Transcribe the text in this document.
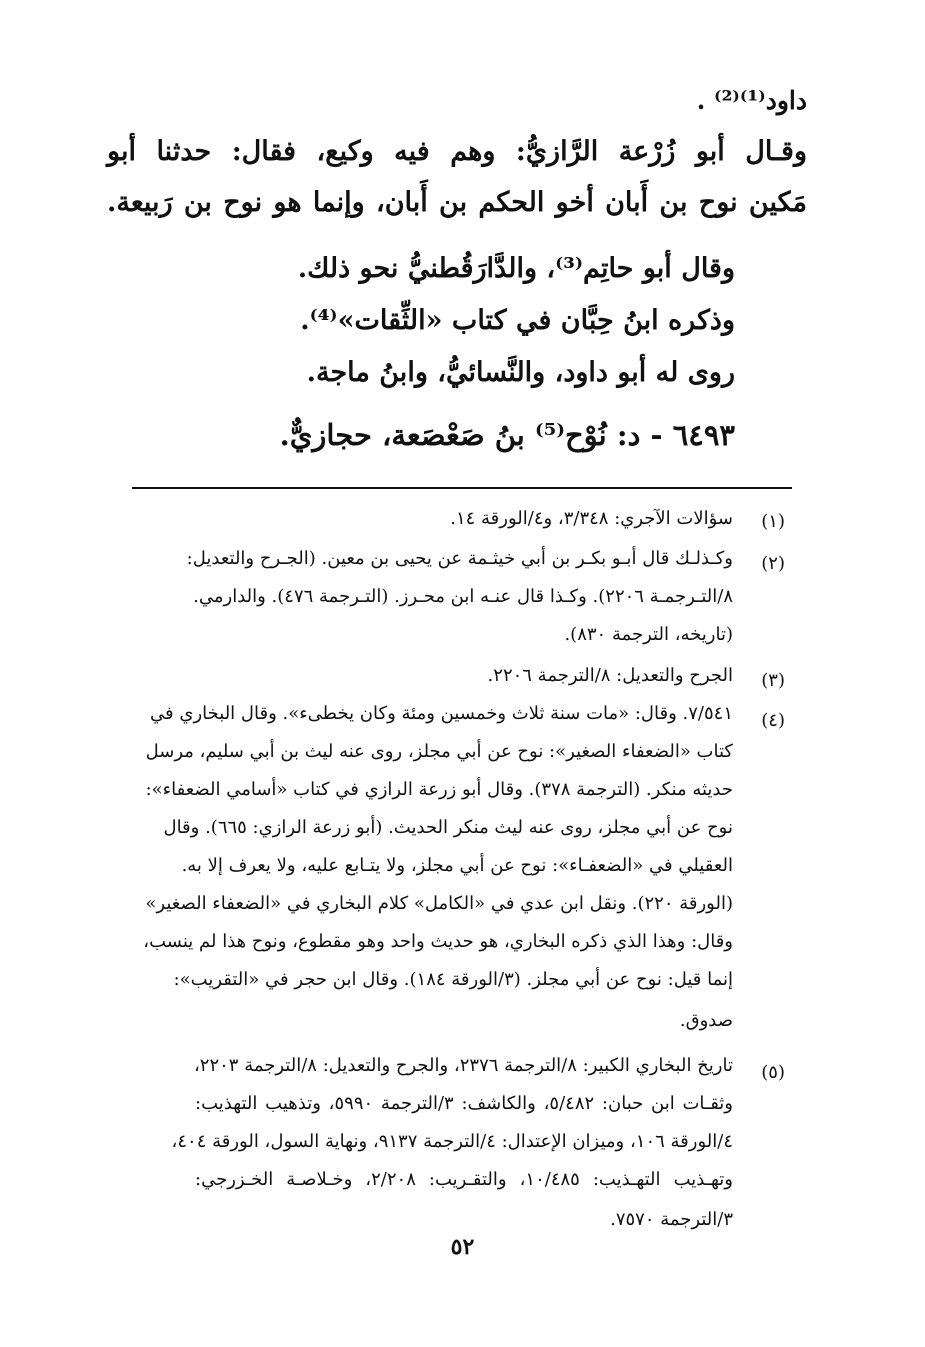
داود⁽¹⁾⁽²⁾ .
وقـال أبو زُرْعة الرَّازيُّ: وهم فيه وكيع، فقال: حدثنا أبو
مَكين نوح بن أَبان أخو الحكم بن أَبان، وإنما هو نوح بن رَبيعة.
وقال أبو حاتِم⁽³⁾، والدَّارَقُطنيُّ نحو ذلك.
وذكره ابنُ حِبَّان في كتاب «الثِّقات»⁽⁴⁾.
روى له أبو داود، والنَّسائيُّ، وابنُ ماجة.
٦٤٩٣ - د: نُوْح⁽⁵⁾ بنُ صَعْصَعة، حجازيٌّ.
(١)
سؤالات الآجري: ٣/٣٤٨، و٤/الورقة ١٤.
(٢)
وكـذلـك قال أبـو بكـر بن أبي خيثـمة عن يحيى بن معين. (الجـرح والتعديل:
٨/التـرجمـة ٢٢٠٦). وكـذا قال عنـه ابن محـرز. (التـرجمة ٤٧٦). والدارمي.
(تاريخه، الترجمة ٨٣٠).
(٣)
الجرح والتعديل: ٨/الترجمة ٢٢٠٦.
(٤)
٧/٥٤١. وقال: «مات سنة ثلاث وخمسين ومئة وكان يخطىء». وقال البخاري في
كتاب «الضعفاء الصغير»: نوح عن أبي مجلز، روى عنه ليث بن أبي سليم، مرسل
حديثه منكر. (الترجمة ٣٧٨). وقال أبو زرعة الرازي في كتاب «أسامي الضعفاء»:
نوح عن أبي مجلز، روى عنه ليث منكر الحديث. (أبو زرعة الرازي: ٦٦٥). وقال
العقيلي في «الضعفـاء»: نوح عن أبي مجلز، ولا يتـابع عليه، ولا يعرف إلا به.
(الورقة ٢٢٠). ونقل ابن عدي في «الكامل» كلام البخاري في «الضعفاء الصغير»
وقال: وهذا الذي ذكره البخاري، هو حديث واحد وهو مقطوع، ونوح هذا لم ينسب،
إنما قيل: نوح عن أبي مجلز. (٣/الورقة ١٨٤). وقال ابن حجر في «التقريب»:
صدوق.
(٥)
تاريخ البخاري الكبير: ٨/الترجمة ٢٣٧٦، والجرح والتعديل: ٨/الترجمة ٢٢٠٣،
وثقـات ابن حبان: ٥/٤٨٢، والكاشف: ٣/الترجمة ٥٩٩٠، وتذهيب التهذيب:
٤/الورقة ١٠٦، وميزان الإعتدال: ٤/الترجمة ٩١٣٧، ونهاية السول، الورقة ٤٠٤،
وتهـذيب التهـذيب: ١٠/٤٨٥، والتقـريب: ٢/٢٠٨، وخـلاصـة الخـزرجي:
٣/الترجمة ٧٥٧٠.
٥٢
